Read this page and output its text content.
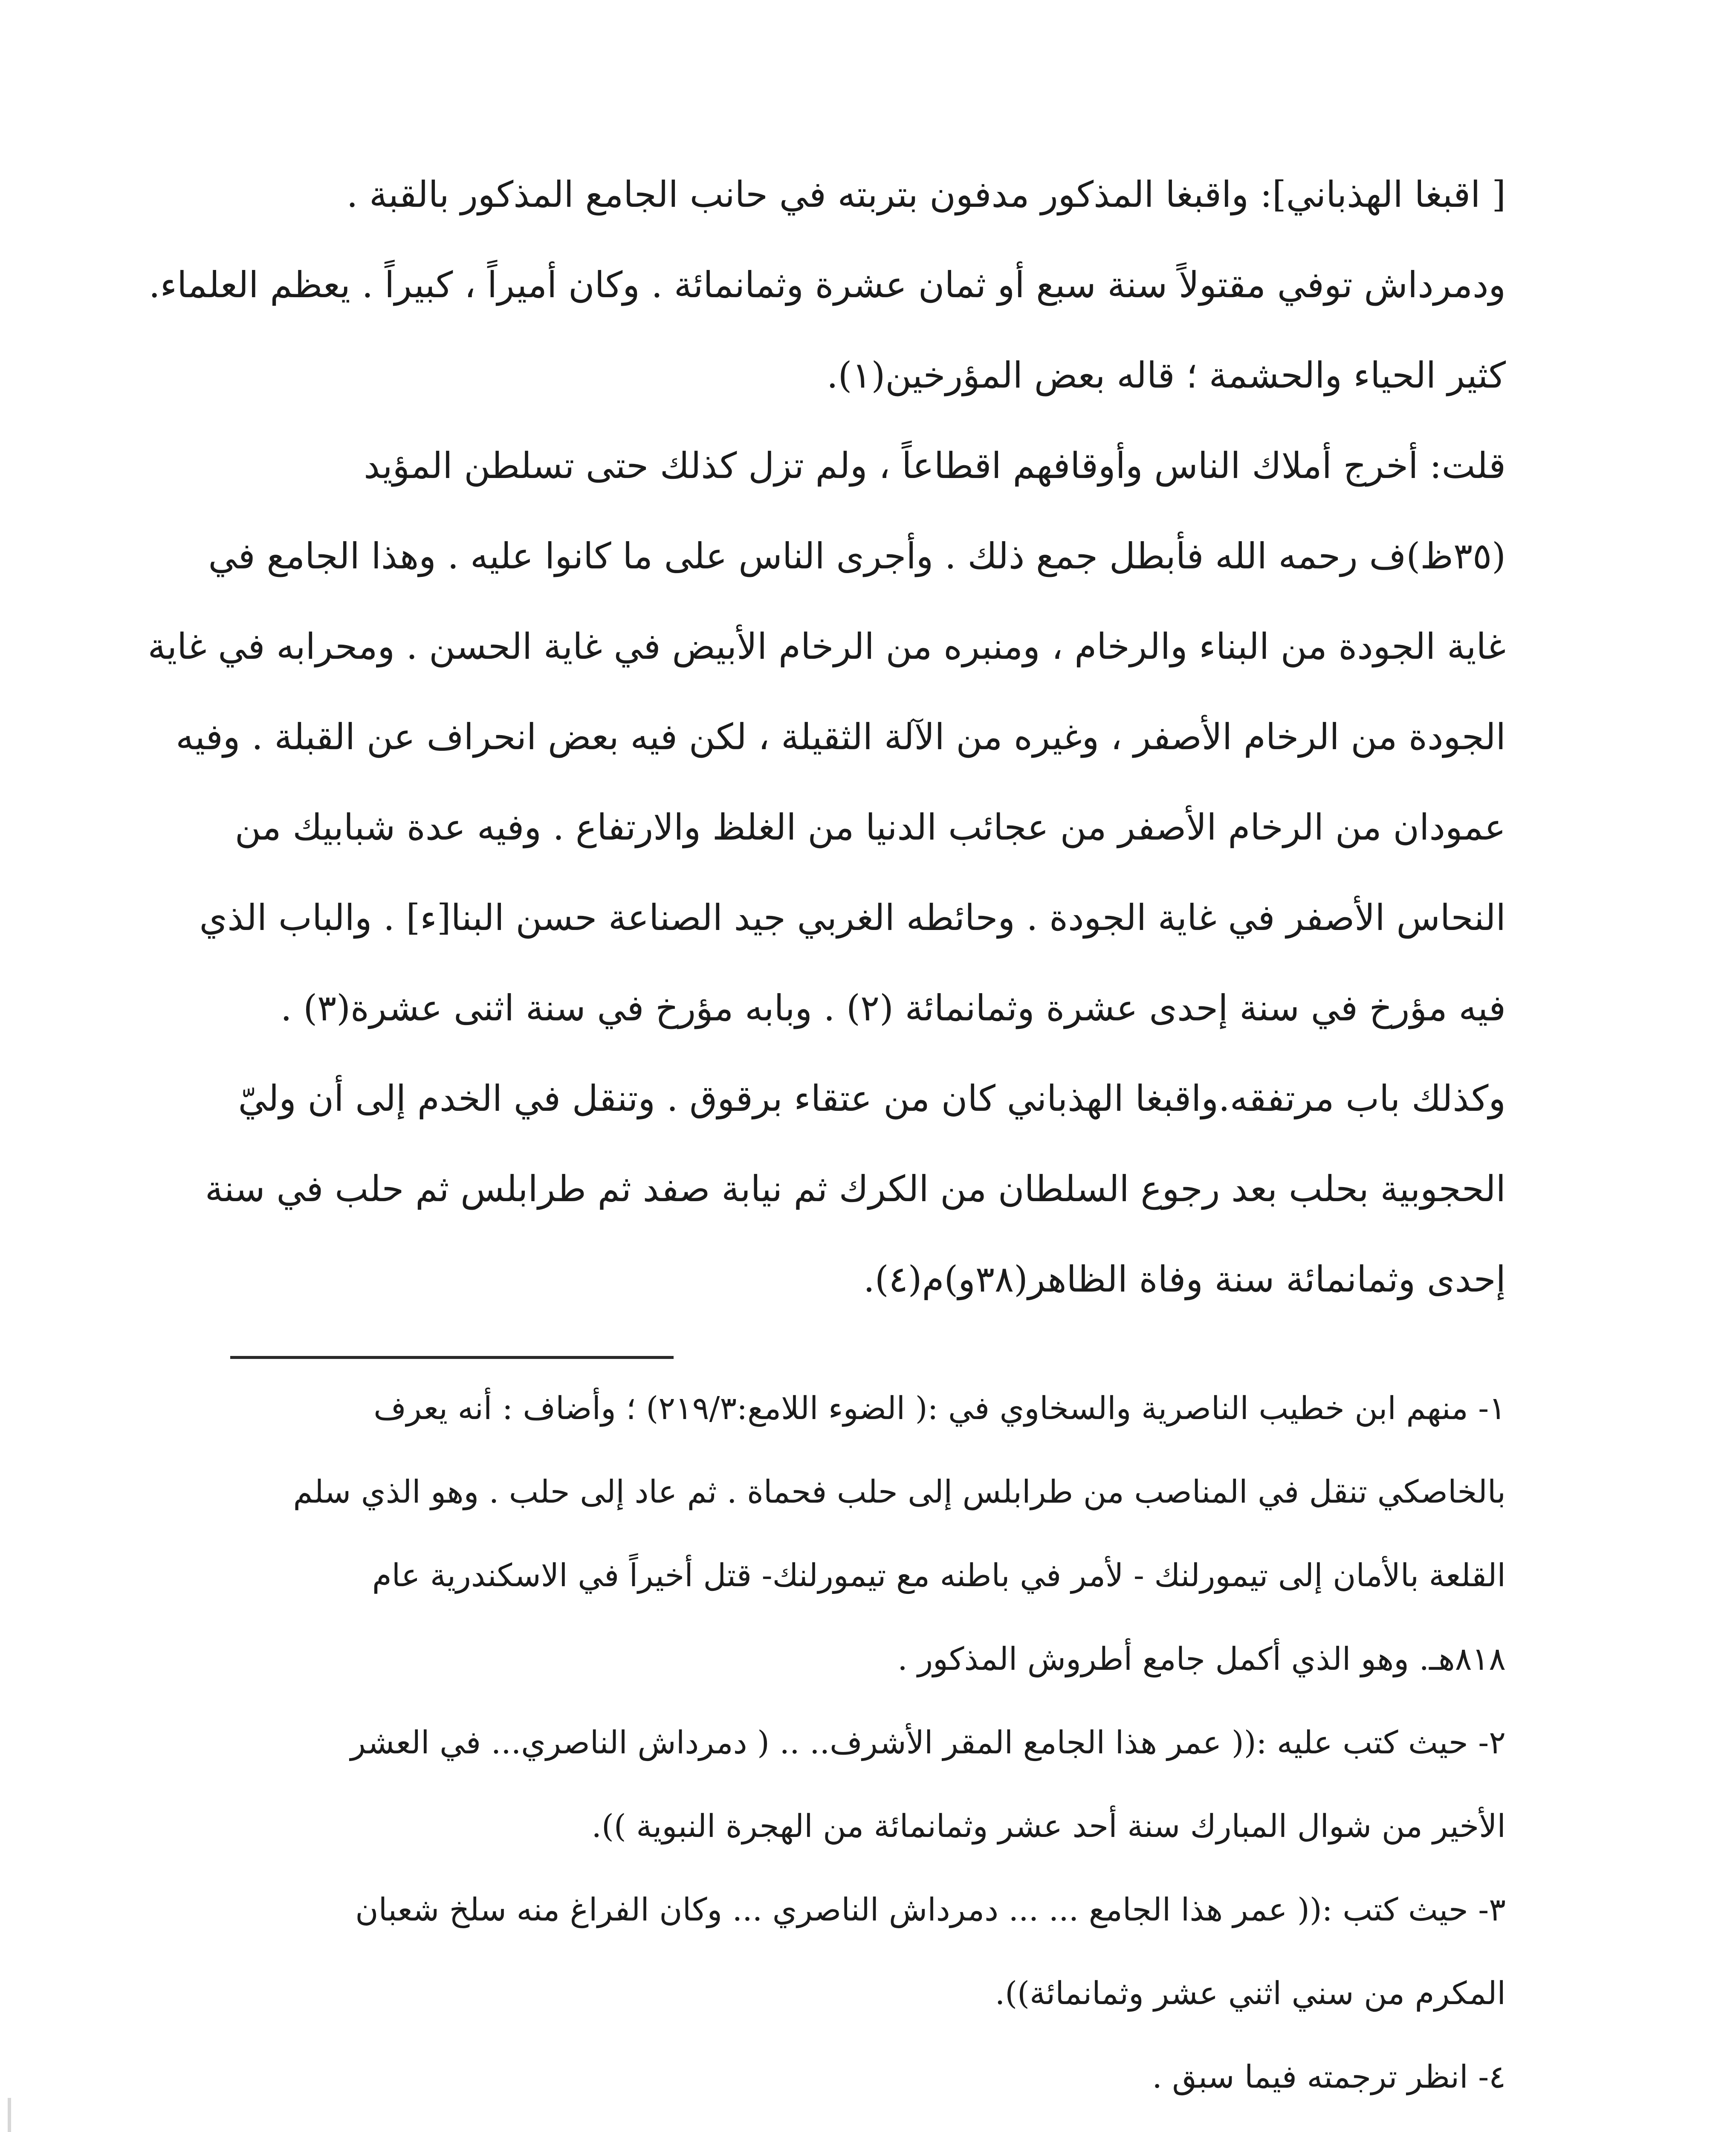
[ اقبغا الهذباني]: واقبغا المذكور مدفون بتربته في حانب الجامع المذكور بالقبة .

ودمرداش توفي مقتولاً سنة سبع أو ثمان عشرة وثمانمائة . وكان أميراً ، كبيراً . يعظم العلماء.

كثير الحياء والحشمة ؛ قاله بعض المؤرخين(١).

قلت: أخرج أملاك الناس وأوقافهم اقطاعاً ، ولم تزل كذلك حتى تسلطن المؤيد

(٣٥ظ)ف رحمه الله فأبطل جمع ذلك . وأجرى الناس على ما كانوا عليه . وهذا الجامع في

غاية الجودة من البناء والرخام ، ومنبره من الرخام الأبيض في غاية الحسن . ومحرابه في غاية

الجودة من الرخام الأصفر ، وغيره من الآلة الثقيلة ، لكن فيه بعض انحراف عن القبلة . وفيه

عمودان من الرخام الأصفر من عجائب الدنيا من الغلظ والارتفاع . وفيه عدة شبابيك من

النحاس الأصفر في غاية الجودة . وحائطه الغربي جيد الصناعة حسن البنا[ء] . والباب الذي

فيه مؤرخ في سنة إحدى عشرة وثمانمائة (٢) . وبابه مؤرخ في سنة اثنى عشرة(٣) .

وكذلك باب مرتفقه.واقبغا الهذباني كان من عتقاء برقوق . وتنقل في الخدم إلى أن وليّ

الحجوبية بحلب بعد رجوع السلطان من الكرك ثم نيابة صفد ثم طرابلس ثم حلب في سنة

إحدى وثمانمائة سنة وفاة الظاهر(٣٨و)م(٤).

١- منهم ابن خطيب الناصرية والسخاوي في :( الضوء اللامع:٢١٩/٣) ؛ وأضاف : أنه يعرف

بالخاصكي تنقل في المناصب من طرابلس إلى حلب فحماة . ثم عاد إلى حلب . وهو الذي سلم

القلعة بالأمان إلى تيمورلنك - لأمر في باطنه مع تيمورلنك- قتل أخيراً في الاسكندرية عام

٨١٨هـ. وهو الذي أكمل جامع أطروش المذكور .

٢- حيث كتب عليه :(( عمر هذا الجامع المقر الأشرف.. .. ( دمرداش الناصري... في العشر

الأخير من شوال المبارك سنة أحد عشر وثمانمائة من الهجرة النبوية )).

٣- حيث كتب :(( عمر هذا الجامع ... ... دمرداش الناصري ... وكان الفراغ منه سلخ شعبان

المكرم من سني اثني عشر وثمانمائة)).

٤- انظر ترجمته فيما سبق .
